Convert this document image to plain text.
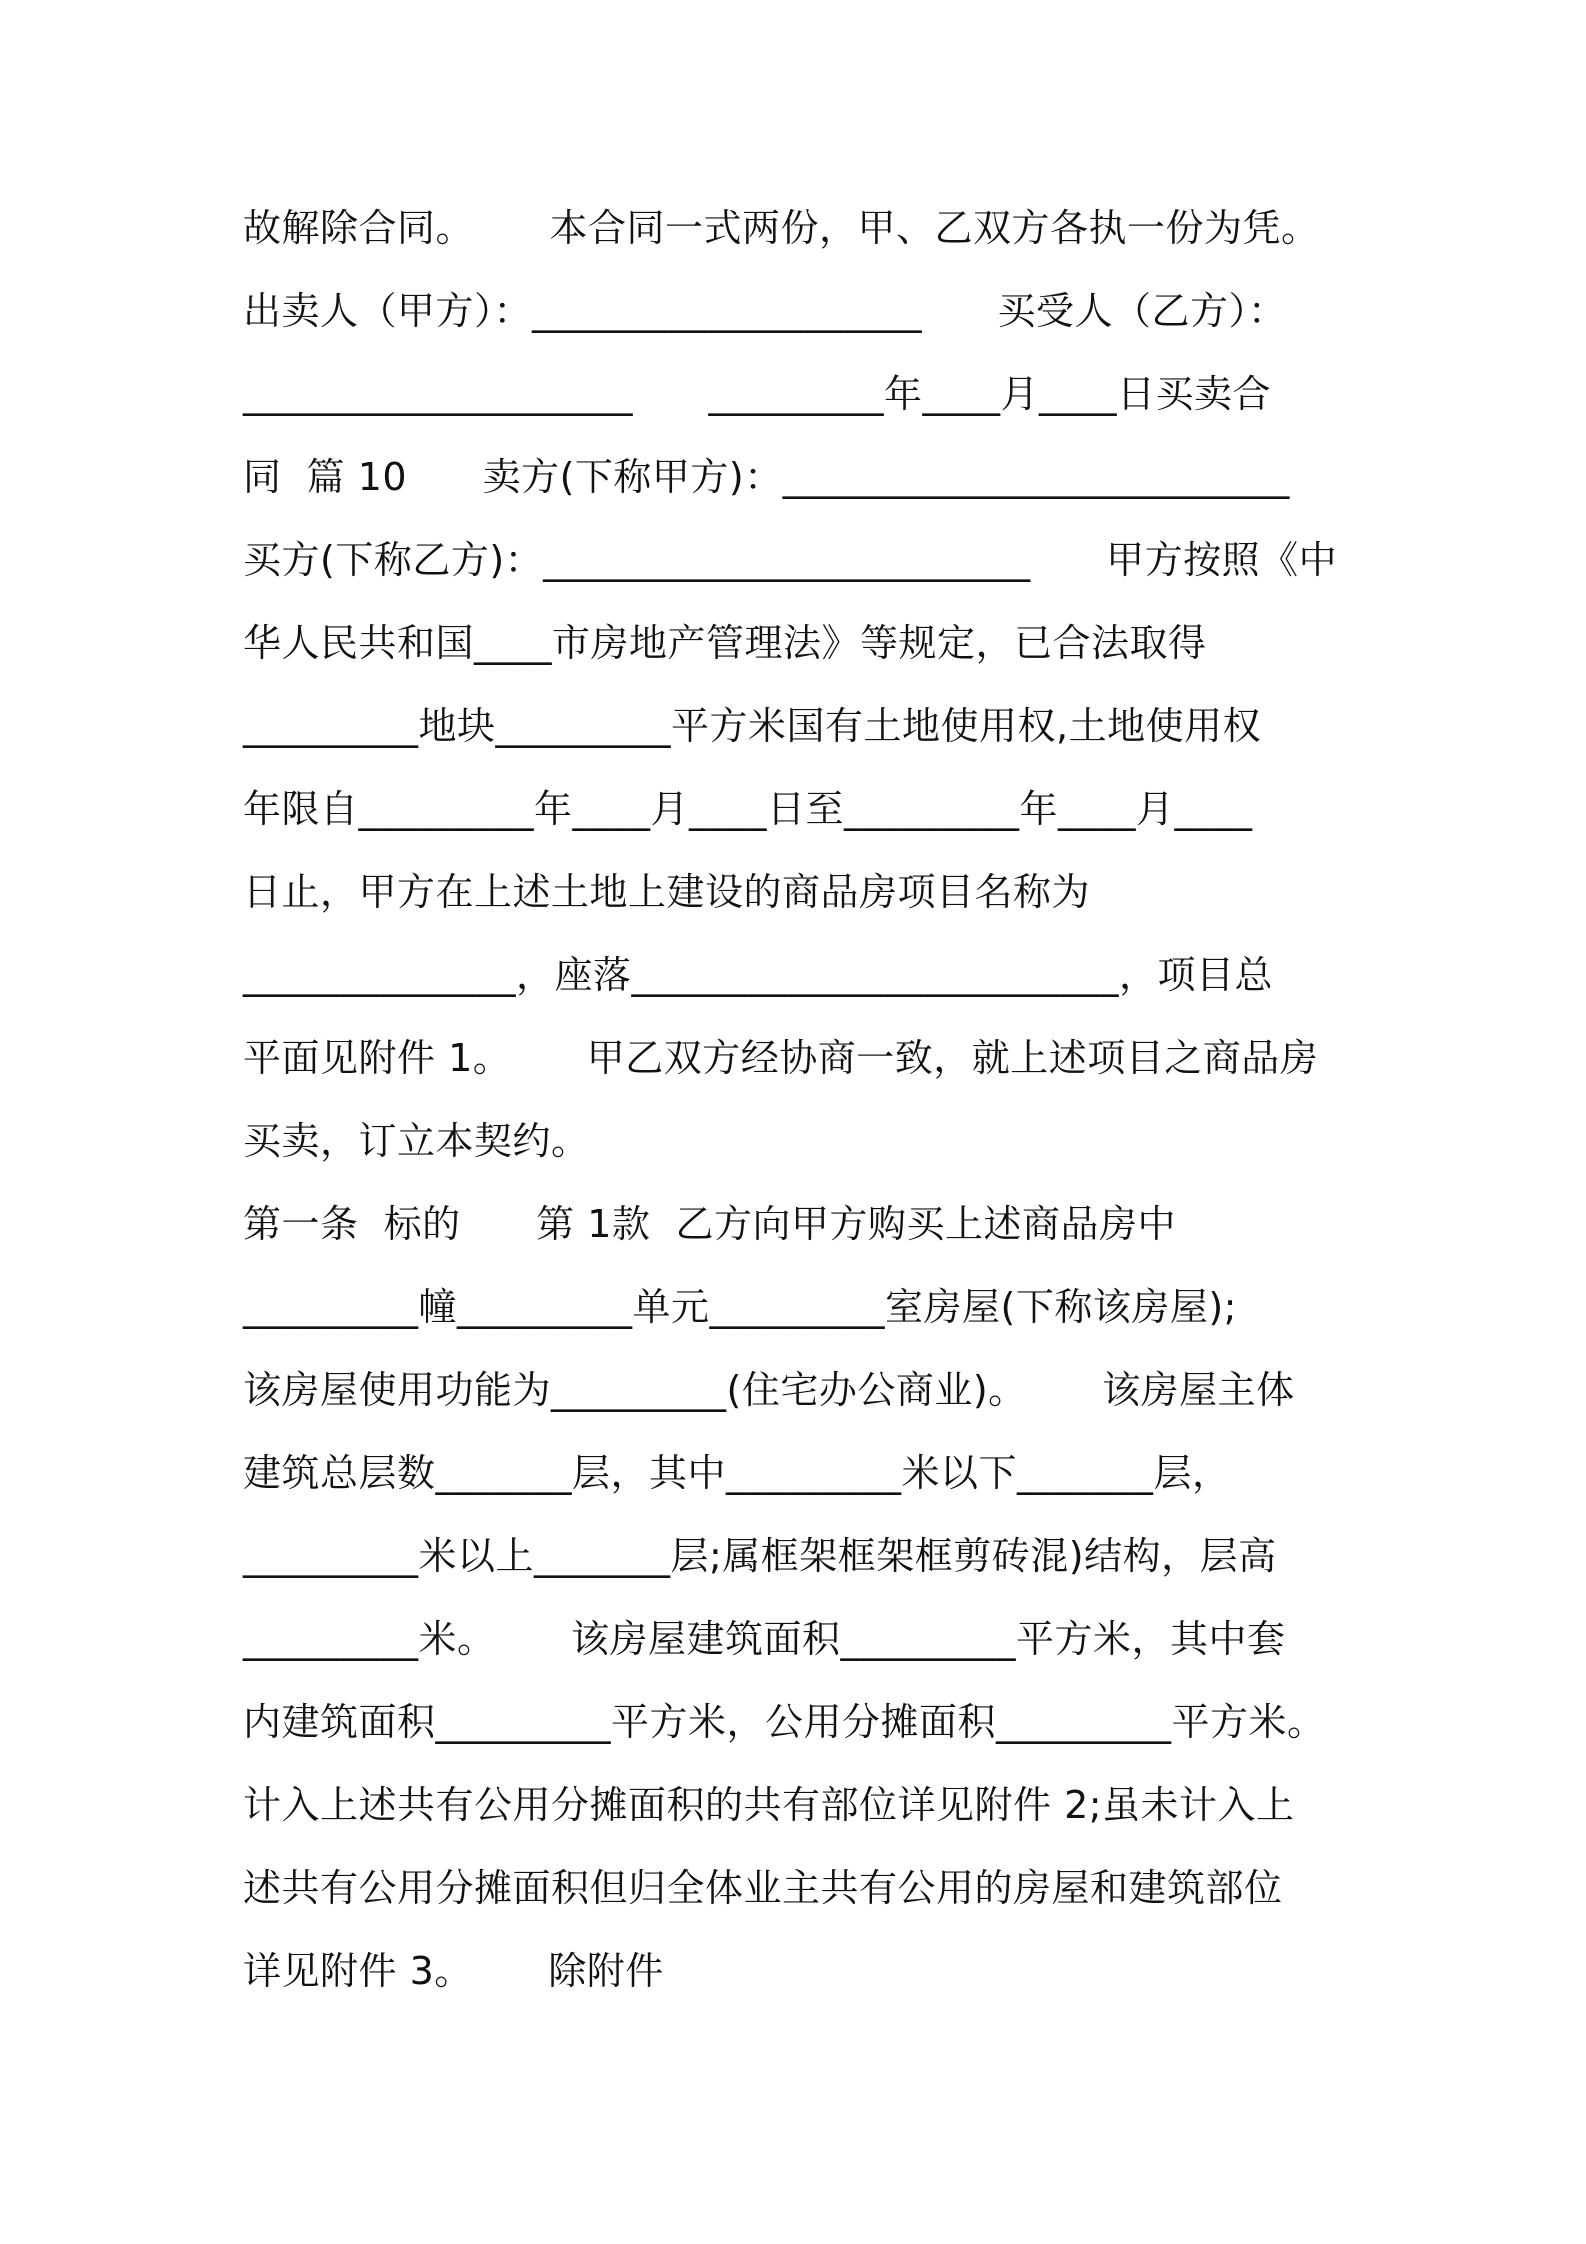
故解除合同。      本合同一式两份，甲、乙双方各执一份为凭。
出卖人（甲方）：____________________      买受人（乙方）：
____________________      _________年____月____日买卖合
同  篇 10      卖方(下称甲方)：__________________________
买方(下称乙方)：_________________________      甲方按照《中
华人民共和国____市房地产管理法》等规定，已合法取得
_________地块_________平方米国有土地使用权,土地使用权
年限自_________年____月____日至_________年____月____
日止，甲方在上述土地上建设的商品房项目名称为
______________，座落_________________________，项目总
平面见附件 1。      甲乙双方经协商一致，就上述项目之商品房
买卖，订立本契约。
第一条  标的      第 1款  乙方向甲方购买上述商品房中
_________幢_________单元_________室房屋(下称该房屋);
该房屋使用功能为_________(住宅办公商业)。      该房屋主体
建筑总层数_______层，其中_________米以下_______层，
_________米以上_______层;属框架框架框剪砖混)结构，层高
_________米。      该房屋建筑面积_________平方米，其中套
内建筑面积_________平方米，公用分摊面积_________平方米。
计入上述共有公用分摊面积的共有部位详见附件 2;虽未计入上
述共有公用分摊面积但归全体业主共有公用的房屋和建筑部位
详见附件 3。      除附件
